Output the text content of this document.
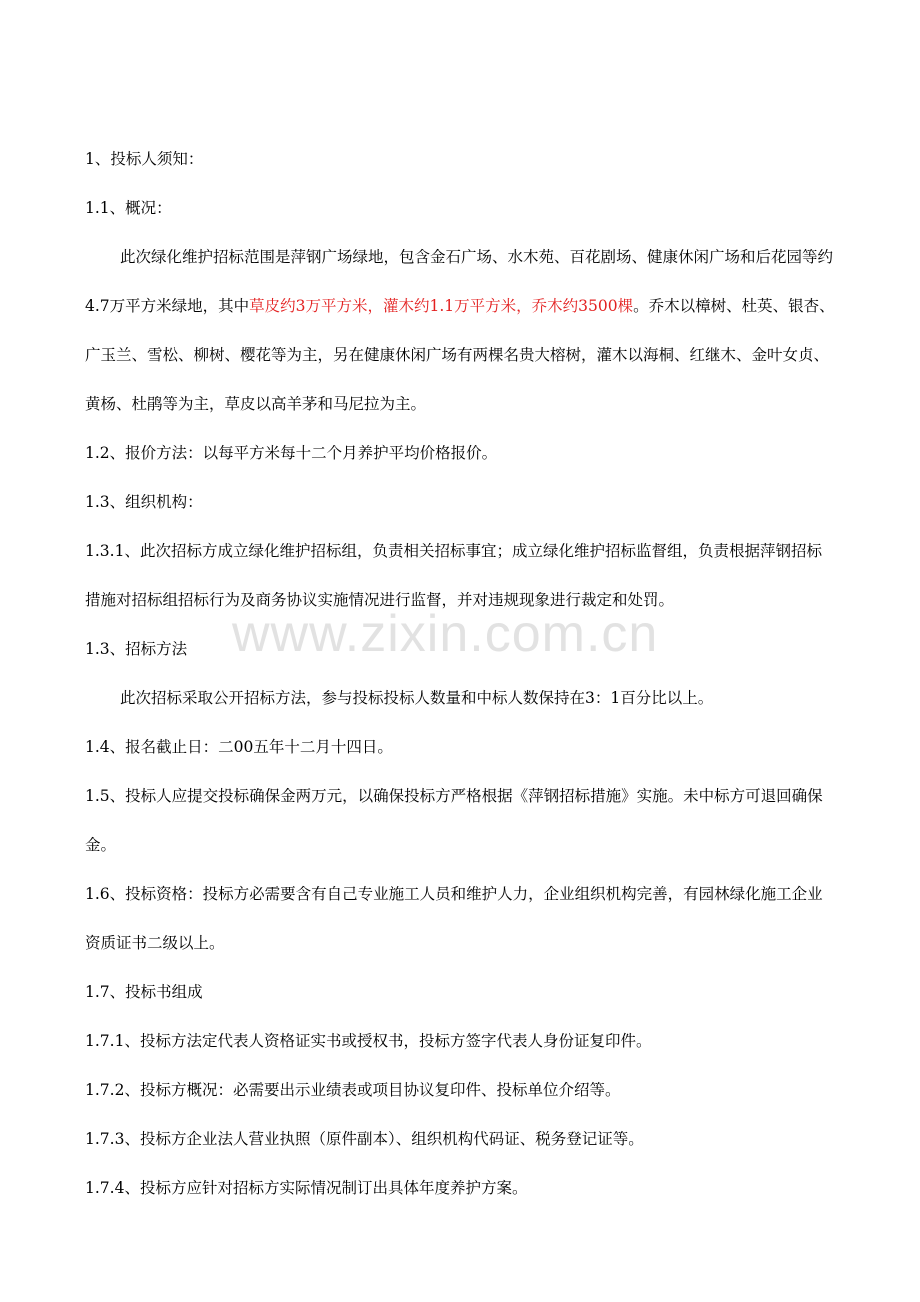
www.zixin.com.cn

1、投标人须知：

1.1、概况：

此次绿化维护招标范围是萍钢广场绿地，包含金石广场、水木苑、百花剧场、健康休闲广场和后花园等约4.7万平方米绿地，其中草皮约3万平方米，灌木约1.1万平方米，乔木约3500棵。乔木以樟树、杜英、银杏、广玉兰、雪松、柳树、樱花等为主，另在健康休闲广场有两棵名贵大榕树，灌木以海桐、红继木、金叶女贞、黄杨、杜鹃等为主，草皮以高羊茅和马尼拉为主。

1.2、报价方法：以每平方米每十二个月养护平均价格报价。

1.3、组织机构：

1.3.1、此次招标方成立绿化维护招标组，负责相关招标事宜；成立绿化维护招标监督组，负责根据萍钢招标措施对招标组招标行为及商务协议实施情况进行监督，并对违规现象进行裁定和处罚。

1.3、招标方法

此次招标采取公开招标方法，参与投标投标人数量和中标人数保持在3：1百分比以上。

1.4、报名截止日：二00五年十二月十四日。

1.5、投标人应提交投标确保金两万元，以确保投标方严格根据《萍钢招标措施》实施。未中标方可退回确保金。

1.6、投标资格：投标方必需要含有自己专业施工人员和维护人力，企业组织机构完善，有园林绿化施工企业资质证书二级以上。

1.7、投标书组成

1.7.1、投标方法定代表人资格证实书或授权书，投标方签字代表人身份证复印件。

1.7.2、投标方概况：必需要出示业绩表或项目协议复印件、投标单位介绍等。

1.7.3、投标方企业法人营业执照（原件副本）、组织机构代码证、税务登记证等。

1.7.4、投标方应针对招标方实际情况制订出具体年度养护方案。
